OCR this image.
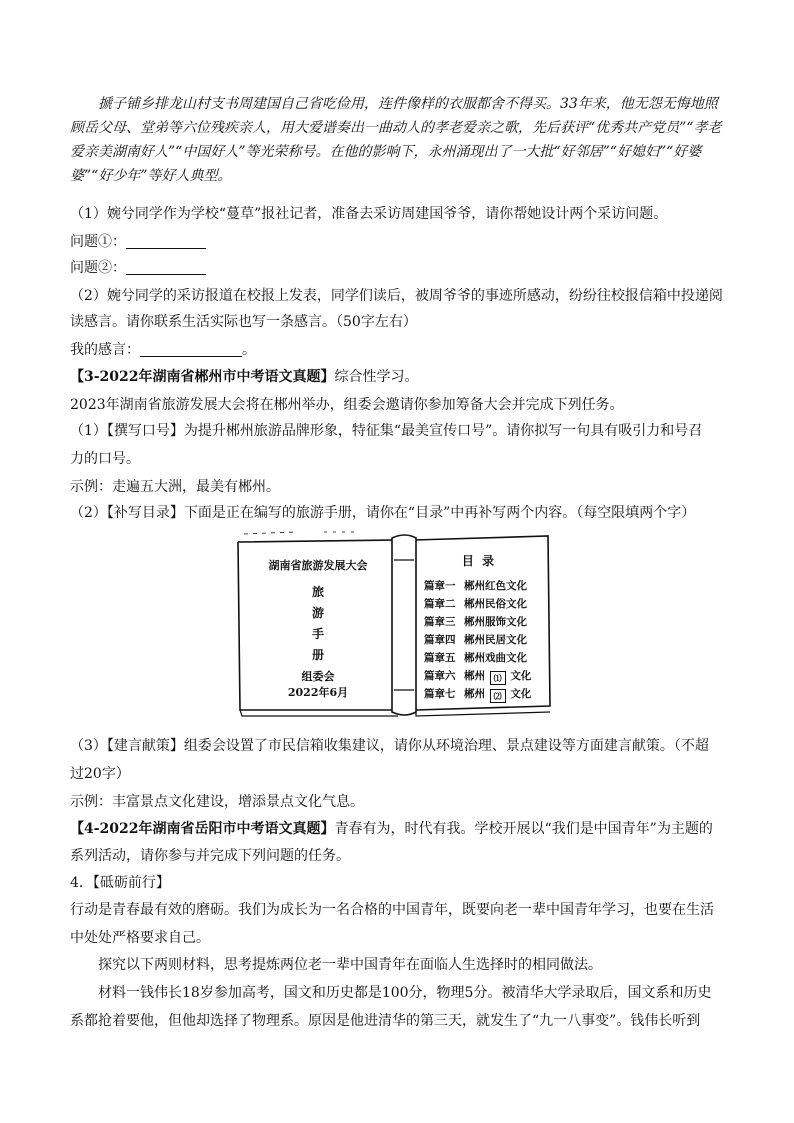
搋子铺乡排龙山村支书周建国自己省吃俭用，连件像样的衣服都舍不得买。33年来，他无怨无悔地照顾岳父母、堂弟等六位残疾亲人，用大爱谱奏出一曲动人的孝老爱亲之歌，先后获评“优秀共产党员”“孝老爱亲美湖南好人”“中国好人”等光荣称号。在他的影响下，永州涌现出了一大批“好邻居”“好媳妇”“好婆婆”“好少年”等好人典型。
（1）婉兮同学作为学校“蔓草”报社记者，准备去采访周建国爷爷，请你帮她设计两个采访问题。
问题①：
问题②：
（2）婉兮同学的采访报道在校报上发表，同学们读后，被周爷爷的事迹所感动，纷纷往校报信箱中投递阅
读感言。请你联系生活实际也写一条感言。（50字左右）
我的感言：	。
【3-2022年湖南省郴州市中考语文真题】综合性学习。
2023年湖南省旅游发展大会将在郴州举办，组委会邀请你参加筹备大会并完成下列任务。
（1）【撰写口号】为提升郴州旅游品牌形象，特征集“最美宣传口号”。请你拟写一句具有吸引力和号召
力的口号。
示例：走遍五大洲，最美有郴州。
（2）【补写目录】下面是正在编写的旅游手册，请你在“目录”中再补写两个内容。（每空限填两个字）
湖南省旅游发展大会
旅
游
手
册
组委会
2022年6月
目  录
篇章一 郴州红色文化
篇章二 郴州民俗文化
篇章三 郴州服饰文化
篇章四 郴州民居文化
篇章五 郴州戏曲文化
篇章六 郴州 ⑴ 文化
篇章七 郴州 ⑵ 文化
（3）【建言献策】组委会设置了市民信箱收集建议，请你从环境治理、景点建设等方面建言献策。（不超
过20字）
示例：丰富景点文化建设，增添景点文化气息。
【4-2022年湖南省岳阳市中考语文真题】青春有为，时代有我。学校开展以“我们是中国青年”为主题的
系列活动，请你参与并完成下列问题的任务。
4．【砥砺前行】
行动是青春最有效的磨砺。我们为成长为一名合格的中国青年，既要向老一辈中国青年学习，也要在生活
中处处严格要求自己。
探究以下两则材料，思考提炼两位老一辈中国青年在面临人生选择时的相同做法。
材料一钱伟长18岁参加高考，国文和历史都是100分，物理5分。被清华大学录取后，国文系和历史
系都抢着要他，但他却选择了物理系。原因是他进清华的第三天，就发生了“九一八事变”。钱伟长听到
